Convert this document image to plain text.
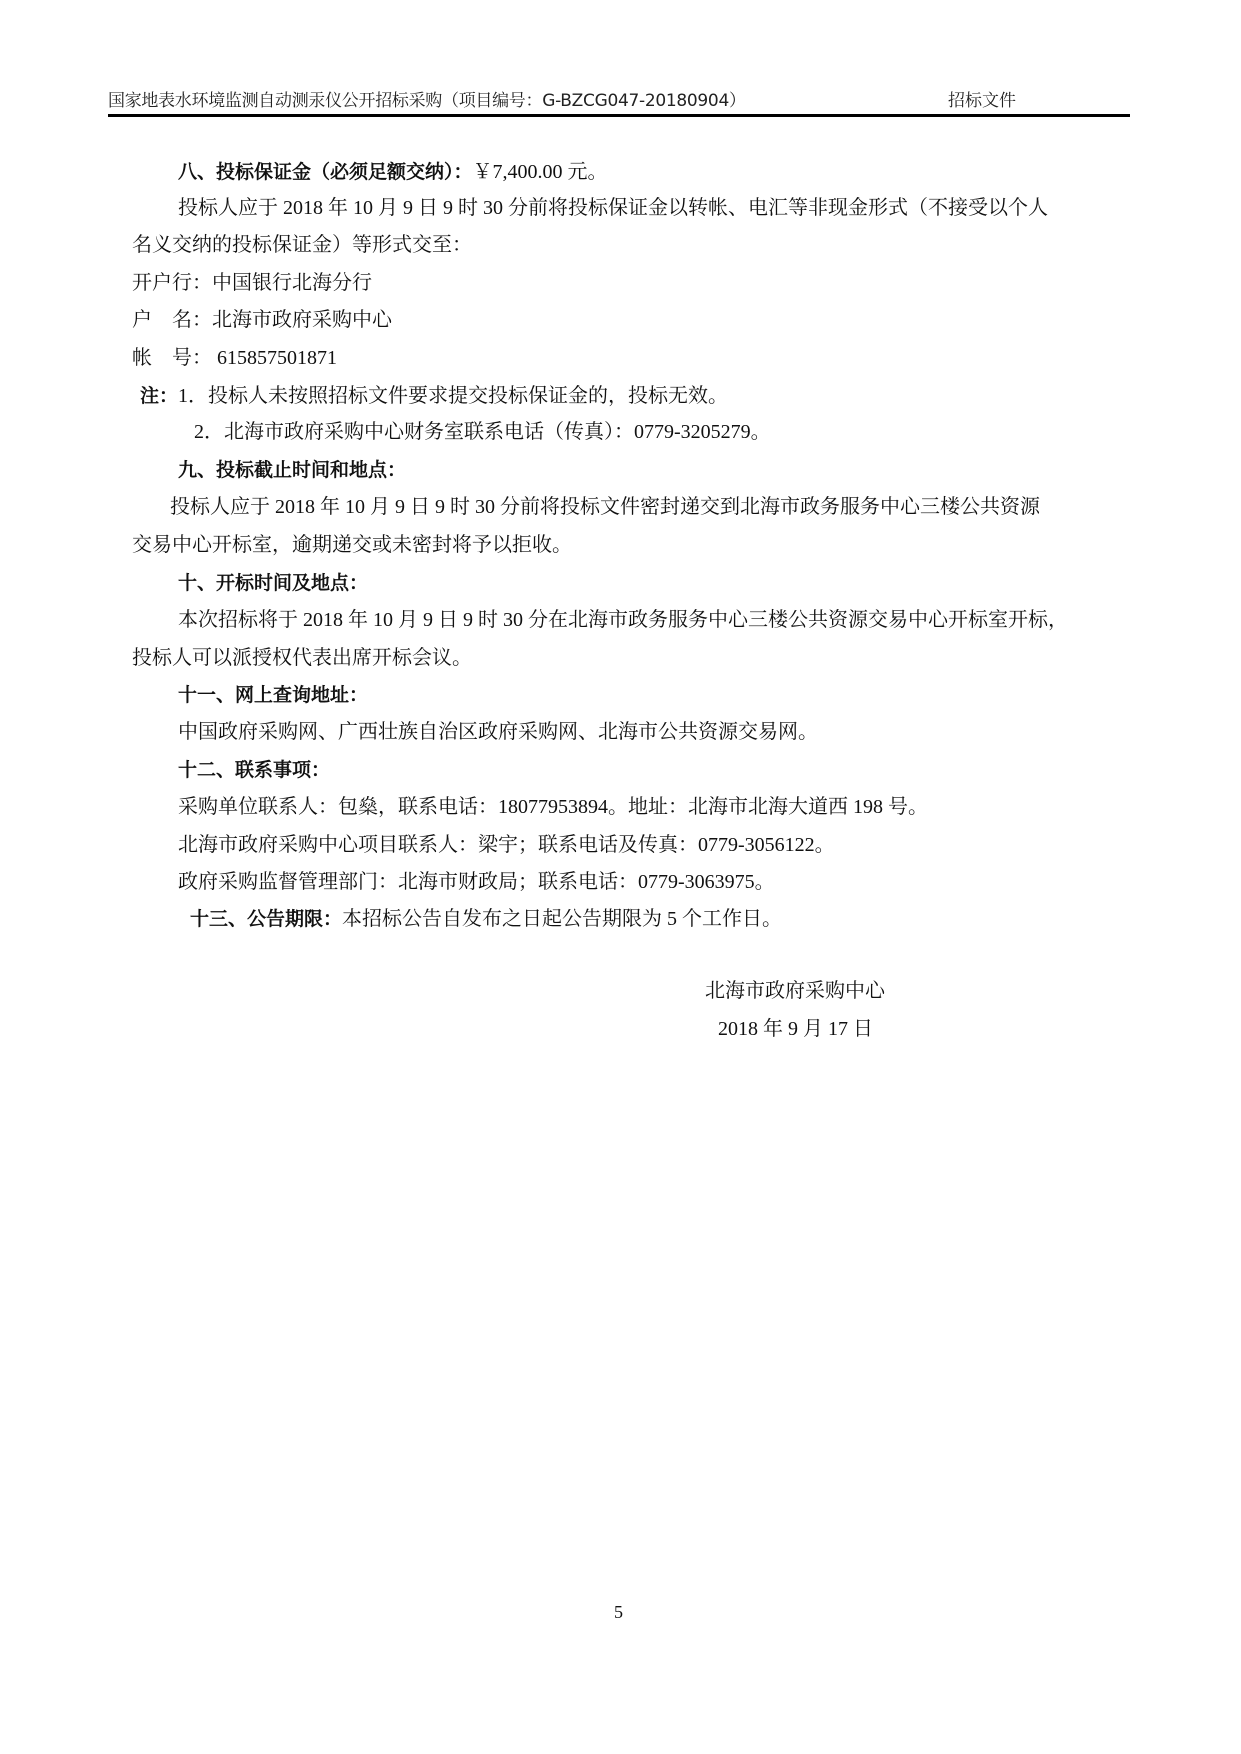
国家地表水环境监测自动测汞仪公开招标采购（项目编号：G-BZCG047-20180904）	招标文件
八、投标保证金（必须足额交纳）：￥7,400.00 元。
投标人应于 2018 年 10 月 9 日 9 时 30 分前将投标保证金以转帐、电汇等非现金形式（不接受以个人
名义交纳的投标保证金）等形式交至：
开户行：中国银行北海分行
户　名：北海市政府采购中心
帐　号： 615857501871
注：1．投标人未按照招标文件要求提交投标保证金的，投标无效。
2．北海市政府采购中心财务室联系电话（传真）：0779-3205279。
九、投标截止时间和地点：
投标人应于 2018 年 10 月 9 日 9 时 30 分前将投标文件密封递交到北海市政务服务中心三楼公共资源
交易中心开标室，逾期递交或未密封将予以拒收。
十、开标时间及地点：
本次招标将于 2018 年 10 月 9 日 9 时 30 分在北海市政务服务中心三楼公共资源交易中心开标室开标，
投标人可以派授权代表出席开标会议。
十一、网上查询地址：
中国政府采购网、广西壮族自治区政府采购网、北海市公共资源交易网。
十二、联系事项：
采购单位联系人：包燊，联系电话：18077953894。地址：北海市北海大道西 198 号。
北海市政府采购中心项目联系人：梁宇；联系电话及传真：0779-3056122。
政府采购监督管理部门：北海市财政局；联系电话：0779-3063975。
十三、公告期限：本招标公告自发布之日起公告期限为 5 个工作日。
北海市政府采购中心
2018 年 9 月 17 日
5
